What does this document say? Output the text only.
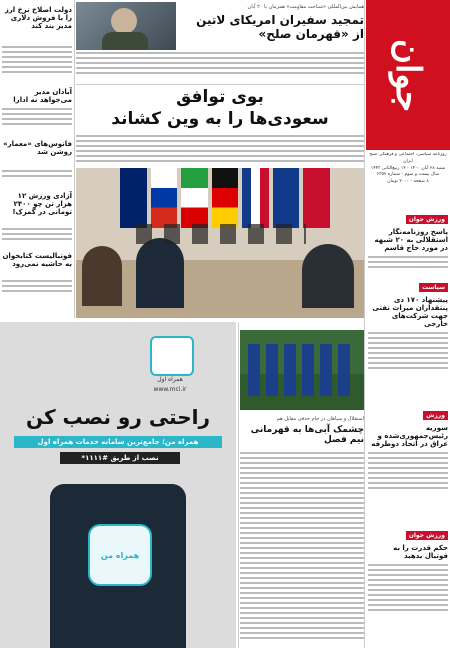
جوان
روزنامه سیاسی، اجتماعی و فرهنگی صبح ایران
شنبه ۲۸ آبان ۱۴۰۰ - ۱۴ ربیع‌الثانی ۱۴۴۳
سال بیست و سوم - شماره ۶۳۵۷
۸ صفحه - ۲۰۰۰ تومان
ورزش جوان
پاسخ روزنامه‌نگار استقلالی به ۲۰ شبهه در مورد حاج قاسم
سیاست
پیشنهاد ۱۷۰ دی پنتقداران میراث نفتی جهت شرکت‌های خارجی
ورزش
سوریه رئیس‌جمهوری‌شده و عراق در اتحاد دوطرفه
ورزش جوان
حکم قدرت را به فوتبال بدهید
همایش بین‌المللی «شناخت مقاومت» همزمان با ۲۰ آبان
تمجید سفیران امریکای لاتین از «قهرمان صلح»
بوی توافق
سعودی‌ها را به وین کشاند
دولت اصلاح نرخ ارز را با فروش دلاری مدیر بند کند
آبادان مدیر می‌خواهد نه ادارا
فانوس‌های «معمار» روشن شد
آزادی ورزش ۱۲ هزار تن چو ۲۴۰۰ تومانی در گمرک!
فوتبالیست کتابخوان به حاشیه نمی‌رود
همراه اول
www.mci.ir
راحتی رو نصب کن
همراه من؛ جامع‌ترین سامانه خدمات همراه اول
نصب از طریق #۱۱۱۱*
همراه من
استقلال و سپاهان در جام حذفی مقابل هم
چشمک آبی‌ها به قهرمانی نیم فصل
